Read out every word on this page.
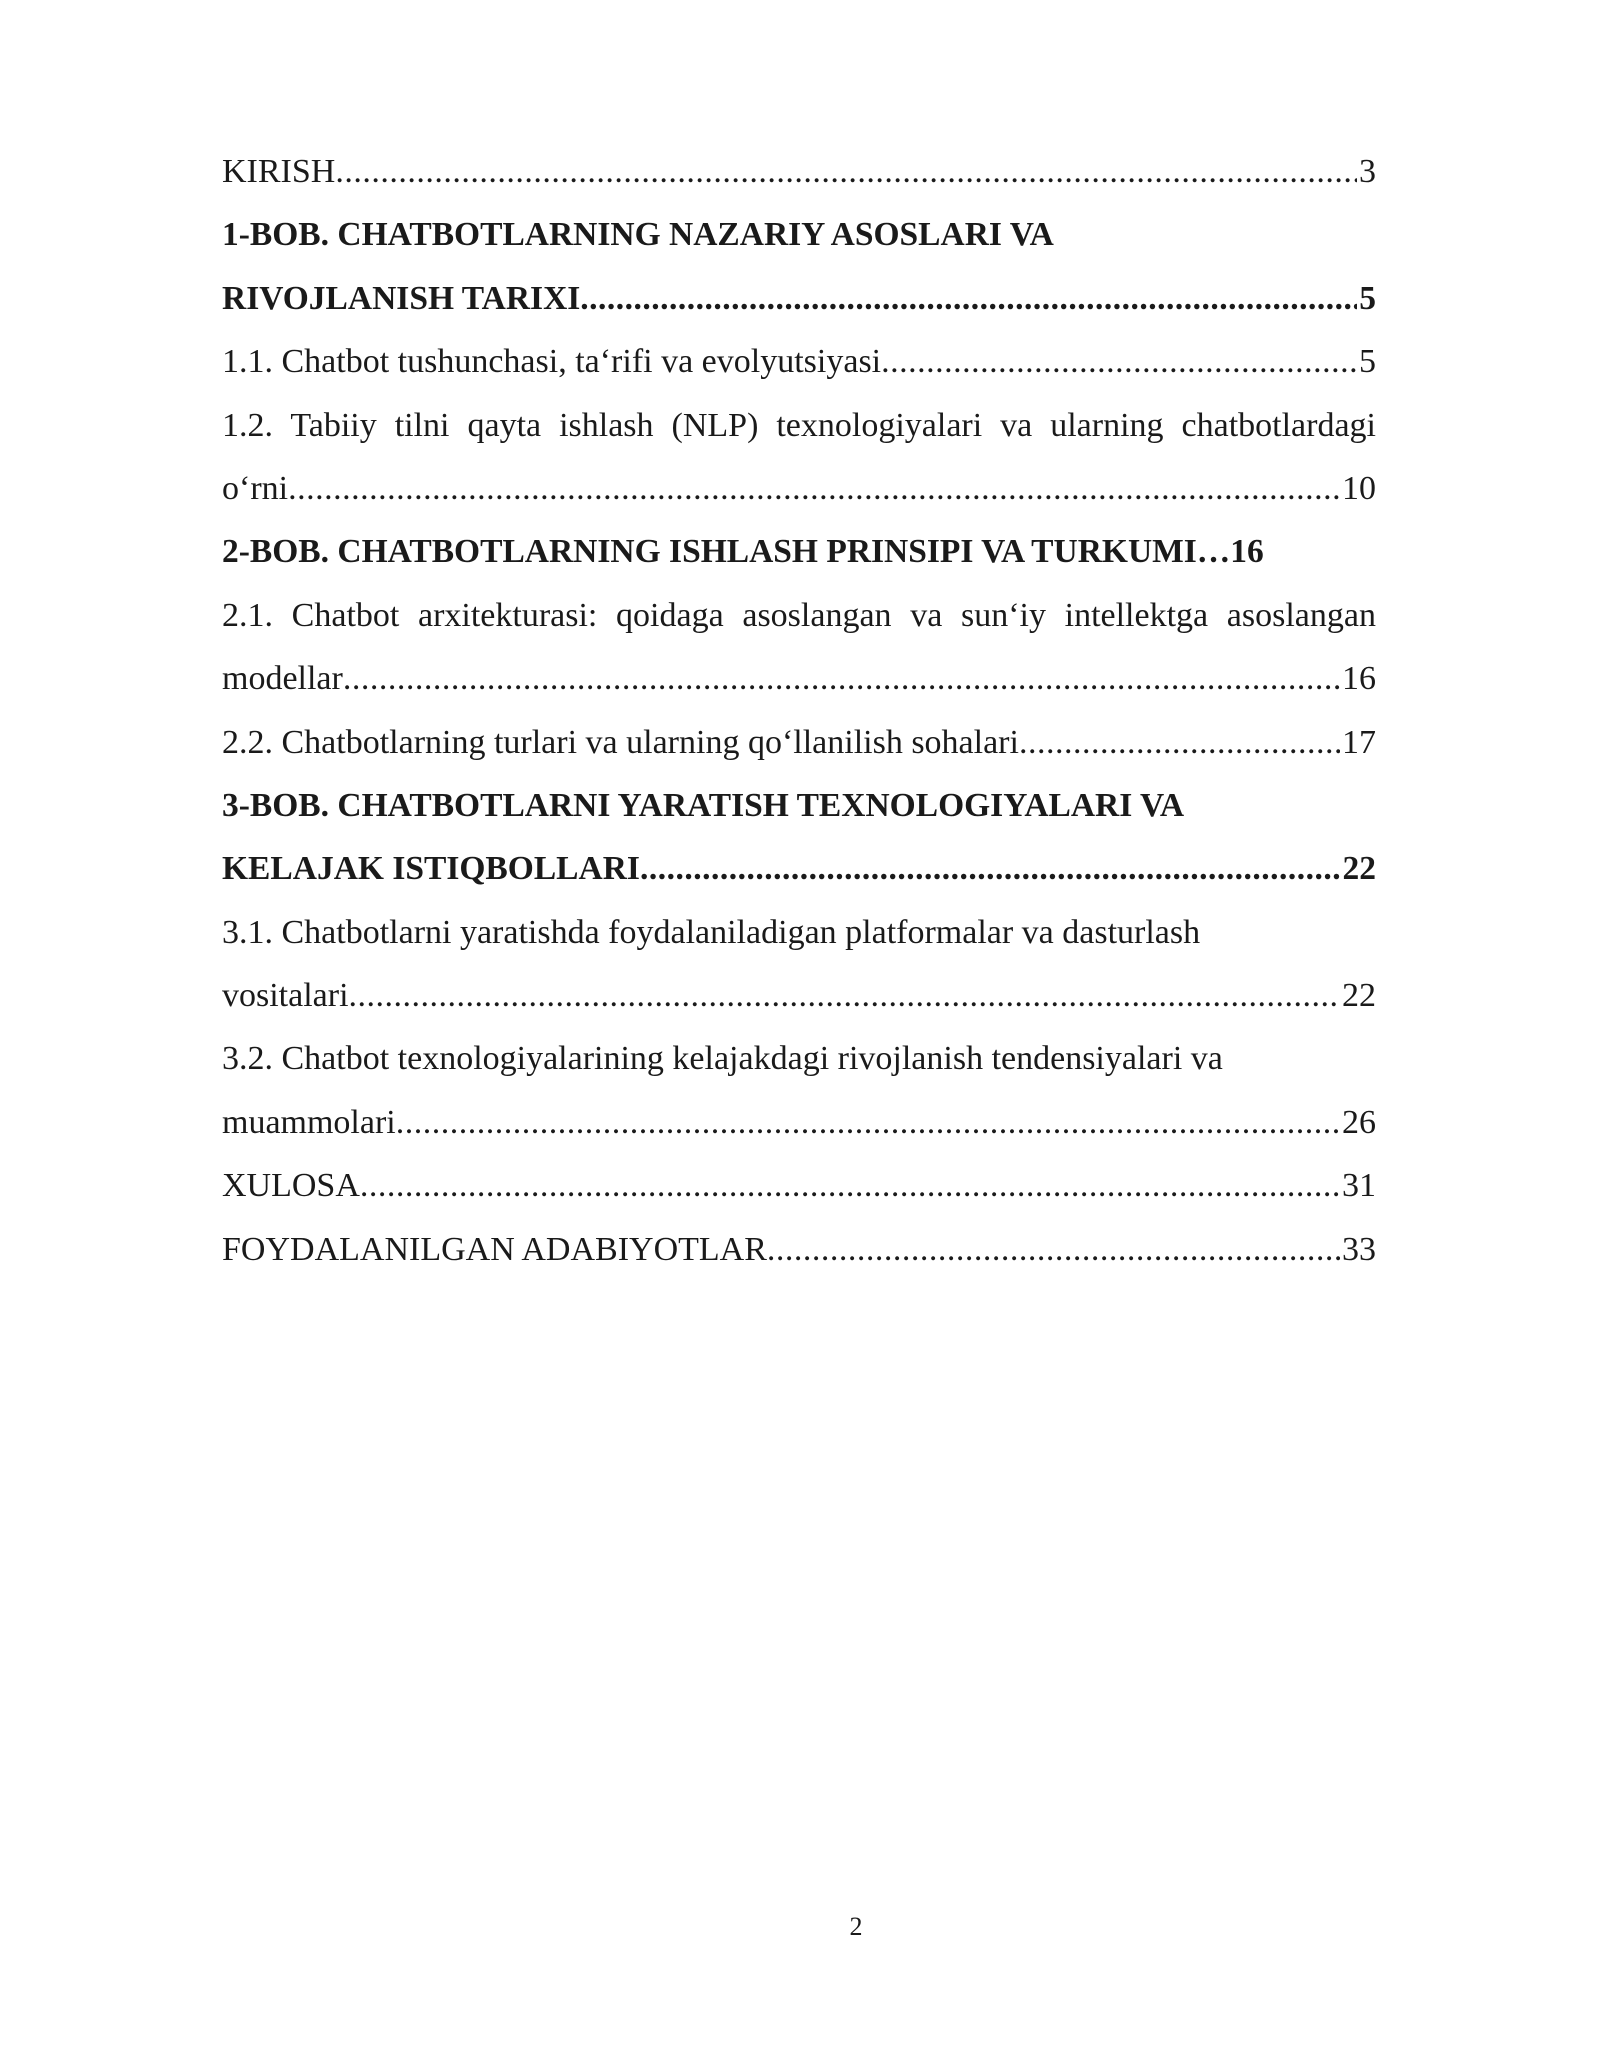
KIRISH .....	3
1-BOB. CHATBOTLARNING NAZARIY ASOSLARI VA
RIVOJLANISH TARIXI .....	5
1.1. Chatbot tushunchasi, ta‘rifi va evolyutsiyasi .....	5
1.2. Tabiiy tilni qayta ishlash (NLP) texnologiyalari va ularning chatbotlardagi
o‘rni .....	10
2-BOB. CHATBOTLARNING ISHLASH PRINSIPI VA TURKUMI…16
2.1. Chatbot arxitekturasi: qoidaga asoslangan va sun‘iy intellektga asoslangan
modellar .....	16
2.2. Chatbotlarning turlari va ularning qo‘llanilish sohalari .....	17
3-BOB. CHATBOTLARNI YARATISH TEXNOLOGIYALARI VA
KELAJAK ISTIQBOLLARI .....	22
3.1. Chatbotlarni yaratishda foydalaniladigan platformalar va dasturlash
vositalari .....	22
3.2. Chatbot texnologiyalarining kelajakdagi rivojlanish tendensiyalari va
muammolari .....	26
XULOSA .....	31
FOYDALANILGAN ADABIYOTLAR .....	33
2
